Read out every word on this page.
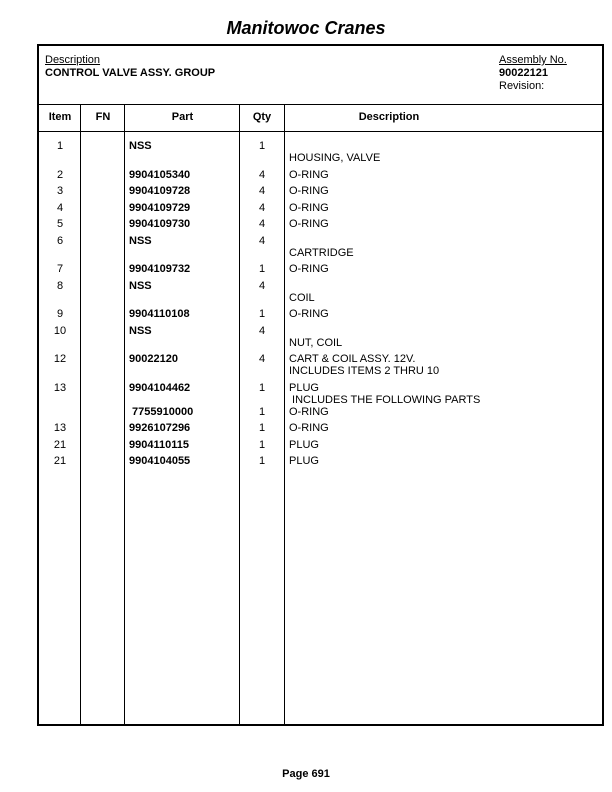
Manitowoc Cranes
Description
CONTROL VALVE ASSY. GROUP
Assembly No.
90022121
Revision:
Item	FN	Part	Qty	Description
1	NSS	1
HOUSING, VALVE
2	9904105340	4	O-RING
3	9904109728	4	O-RING
4	9904109729	4	O-RING
5	9904109730	4	O-RING
6	NSS	4
CARTRIDGE
7	9904109732	1	O-RING
8	NSS	4
COIL
9	9904110108	1	O-RING
10	NSS	4
NUT, COIL
12	90022120	4	CART & COIL ASSY. 12V.
INCLUDES ITEMS 2 THRU 10
13	9904104462	1	PLUG
INCLUDES THE FOLLOWING PARTS
7755910000	1	O-RING
13	9926107296	1	O-RING
21	9904110115	1	PLUG
21	9904104055	1	PLUG
Page 691
